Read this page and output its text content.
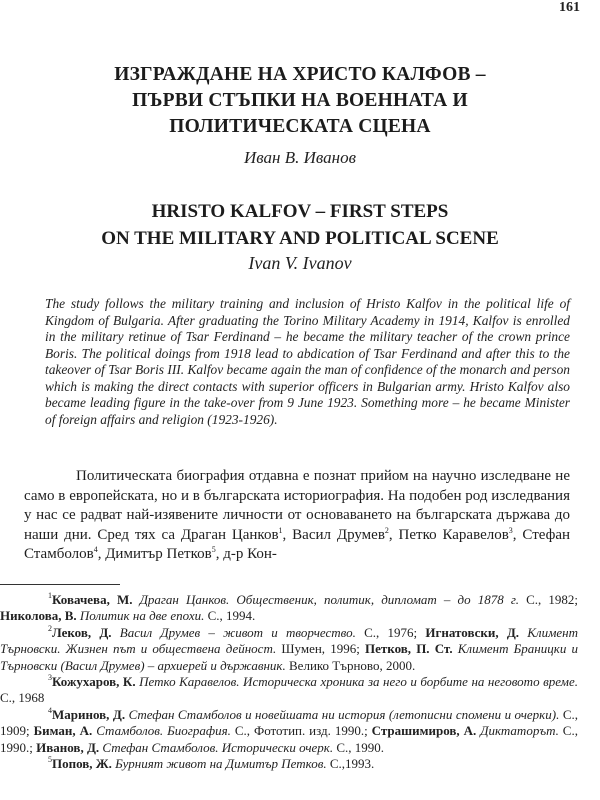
161
ИЗГРАЖДАНЕ НА ХРИСТО КАЛФОВ –
ПЪРВИ СТЪПКИ НА ВОЕННАТА И
ПОЛИТИЧЕСКАТА СЦЕНА
Иван В. Иванов
HRISTO KALFOV – FIRST STEPS
ON THE MILITARY AND POLITICAL SCENE
Ivan V. Ivanov
The study follows the military training and inclusion of Hristo Kalfov in the political life of Kingdom of Bulgaria. After graduating the Torino Military Academy in 1914, Kalfov is enrolled in the military retinue of Tsar Ferdinand – he became the military teacher of the crown prince Boris. The political doings from 1918 lead to abdication of Tsar Ferdinand and after this to the takeover of Tsar Boris III. Kalfov became again the man of confidence of the monarch and person which is making the direct contacts with superior officers in Bulgarian army. Hristo Kalfov also became leading figure in the take-over from 9 June 1923. Something more – he became Minister of foreign affairs and religion (1923-1926).
Политическата биография отдавна е познат прийом на научно изследване не само в европейската, но и в българската историография. На подобен род изследвания у нас се радват най-изявените личности от основаването на българската държава до наши дни. Сред тях са Драган Цанков$^1$, Васил Друмев$^2$, Петко Каравелов$^3$, Стефан Стамболов$^4$, Димитър Петков$^5$, д-р Кон-

$^1$Ковачева, М. Драган Цанков. Общественик, политик, дипломат – до 1878 г. С., 1982; Николова, В. Политик на две епохи. С., 1994.

$^2$Леков, Д. Васил Друмев – живот и творчество. С., 1976; Игнатовски, Д. Климент Търновски. Жизнен път и обществена дейност. Шумен, 1996; Петков, П. Ст. Климент Браницки и Търновски (Васил Друмев) – архиерей и държавник. Велико Търново, 2000.

$^3$Кожухаров, К. Петко Каравелов. Историческа хроника за него и борбите на неговото време. С., 1968

$^4$Маринов, Д. Стефан Стамболов и новейшата ни история (летописни спомени и очерки). С., 1909; Биман, А. Стамболов. Биография. С., Фототип. изд. 1990.; Страшимиров, А. Диктаторът. С., 1990.; Иванов, Д. Стефан Стамболов. Исторически очерк. С., 1990.

$^5$Попов, Ж. Бурният живот на Димитър Петков. С.,1993.
